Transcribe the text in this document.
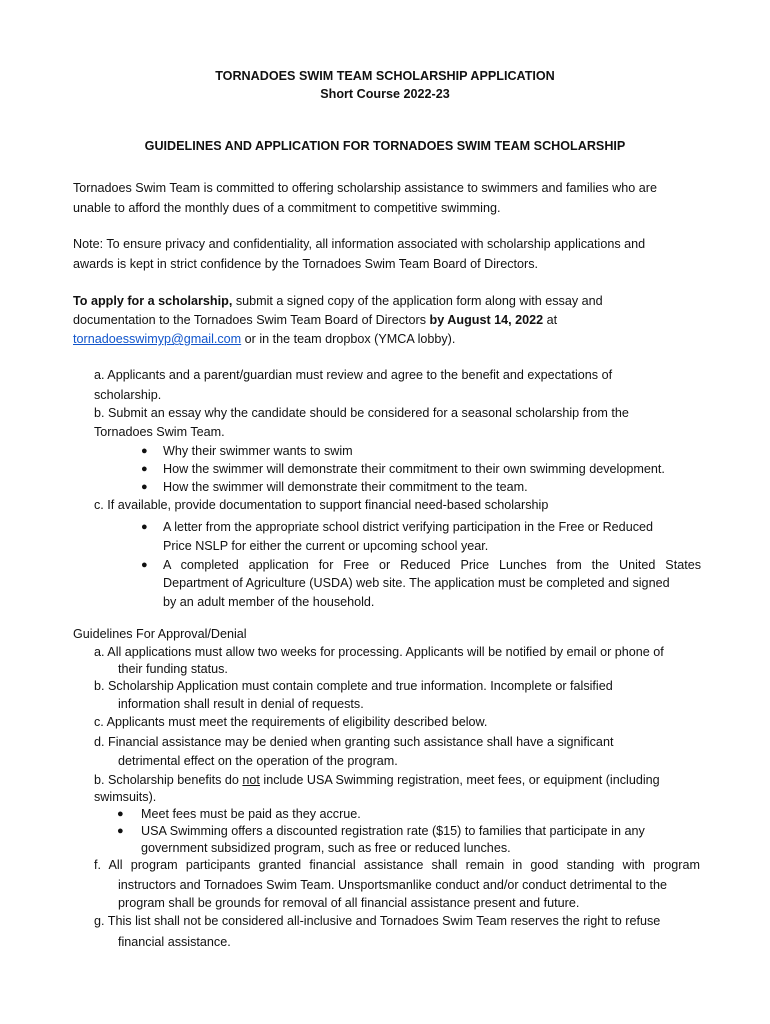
TORNADOES SWIM TEAM SCHOLARSHIP APPLICATION

Short Course 2022-23

GUIDELINES AND APPLICATION FOR TORNADOES SWIM TEAM SCHOLARSHIP

Tornadoes Swim Team is committed to offering scholarship assistance to swimmers and families who are

unable to afford the monthly dues of a commitment to competitive swimming.

Note: To ensure privacy and confidentiality, all information associated with scholarship applications and

awards is kept in strict confidence by the Tornadoes Swim Team Board of Directors.

To apply for a scholarship, submit a signed copy of the application form along with essay and

documentation to the Tornadoes Swim Team Board of Directors by August 14, 2022 at

tornadoesswimyp@gmail.com or in the team dropbox (YMCA lobby).

a. Applicants and a parent/guardian must review and agree to the benefit and expectations of

scholarship.

b. Submit an essay why the candidate should be considered for a seasonal scholarship from the

Tornadoes Swim Team.

● Why their swimmer wants to swim

● How the swimmer will demonstrate their commitment to their own swimming development.

● How the swimmer will demonstrate their commitment to the team.

c. If available, provide documentation to support financial need-based scholarship

● A letter from the appropriate school district verifying participation in the Free or Reduced

Price NSLP for either the current or upcoming school year.

● A completed application for Free or Reduced Price Lunches from the United States

Department of Agriculture (USDA) web site. The application must be completed and signed

by an adult member of the household.

Guidelines For Approval/Denial

a. All applications must allow two weeks for processing. Applicants will be notified by email or phone of

their funding status.

b. Scholarship Application must contain complete and true information. Incomplete or falsified

information shall result in denial of requests.

c. Applicants must meet the requirements of eligibility described below.

d. Financial assistance may be denied when granting such assistance shall have a significant

detrimental effect on the operation of the program.

b. Scholarship benefits do not include USA Swimming registration, meet fees, or equipment (including

swimsuits).

● Meet fees must be paid as they accrue.

● USA Swimming offers a discounted registration rate ($15) to families that participate in any

government subsidized program, such as free or reduced lunches.

f. All program participants granted financial assistance shall remain in good standing with program

instructors and Tornadoes Swim Team. Unsportsmanlike conduct and/or conduct detrimental to the

program shall be grounds for removal of all financial assistance present and future.

g. This list shall not be considered all-inclusive and Tornadoes Swim Team reserves the right to refuse

financial assistance.
